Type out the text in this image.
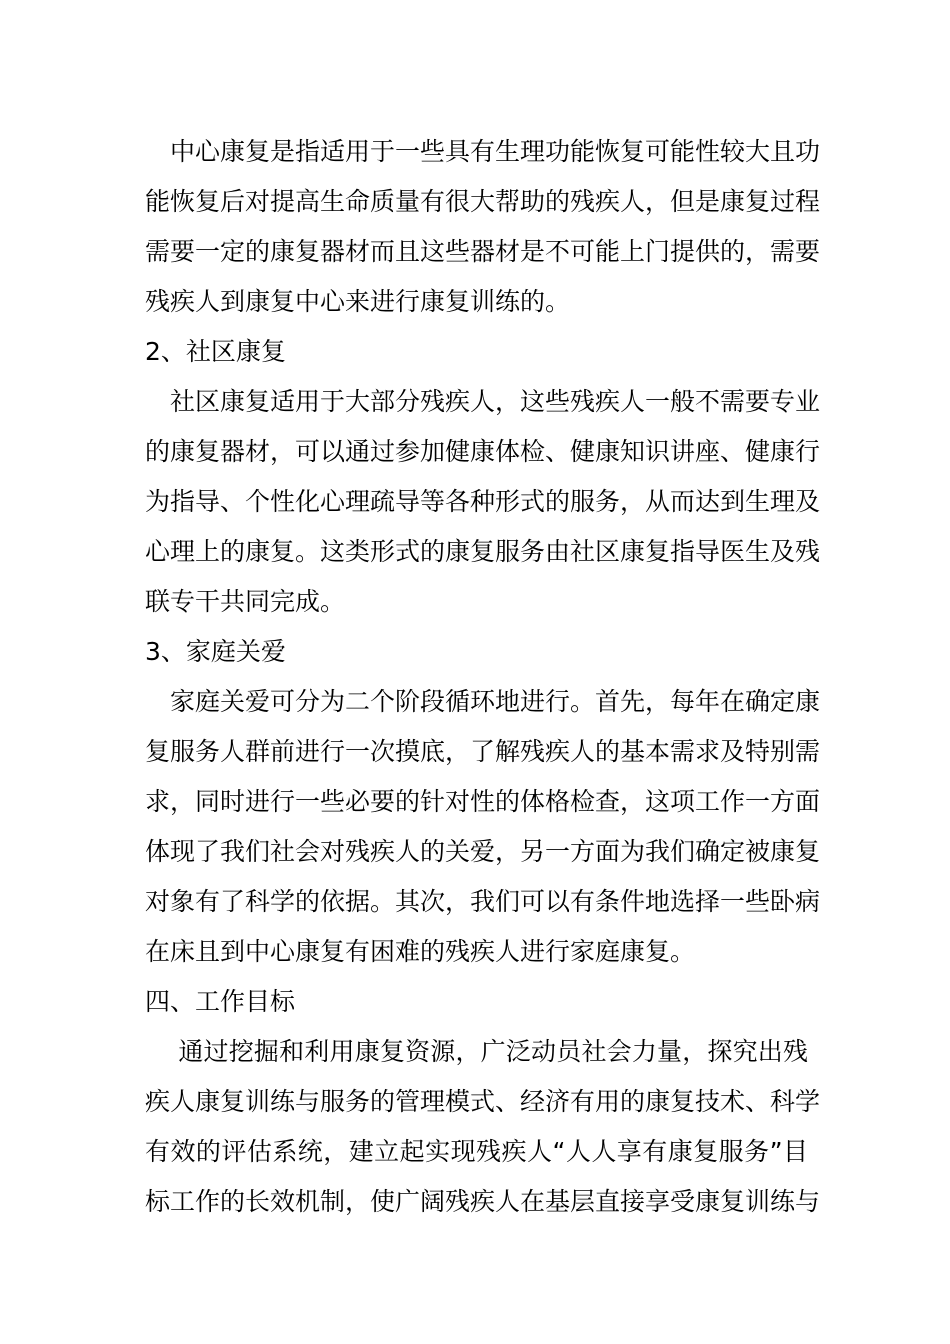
　中心康复是指适用于一些具有生理功能恢复可能性较大且功
能恢复后对提高生命质量有很大帮助的残疾人，但是康复过程
需要一定的康复器材而且这些器材是不可能上门提供的，需要
残疾人到康复中心来进行康复训练的。
2、社区康复
　社区康复适用于大部分残疾人，这些残疾人一般不需要专业
的康复器材，可以通过参加健康体检、健康知识讲座、健康行
为指导、个性化心理疏导等各种形式的服务，从而达到生理及
心理上的康复。这类形式的康复服务由社区康复指导医生及残
联专干共同完成。
3、家庭关爱
　家庭关爱可分为二个阶段循环地进行。首先，每年在确定康
复服务人群前进行一次摸底，了解残疾人的基本需求及特别需
求，同时进行一些必要的针对性的体格检查，这项工作一方面
体现了我们社会对残疾人的关爱，另一方面为我们确定被康复
对象有了科学的依据。其次，我们可以有条件地选择一些卧病
在床且到中心康复有困难的残疾人进行家庭康复。
四、工作目标
　 通过挖掘和利用康复资源，广泛动员社会力量，探究出残
疾人康复训练与服务的管理模式、经济有用的康复技术、科学
有效的评估系统，建立起实现残疾人“人人享有康复服务”目
标工作的长效机制，使广阔残疾人在基层直接享受康复训练与
